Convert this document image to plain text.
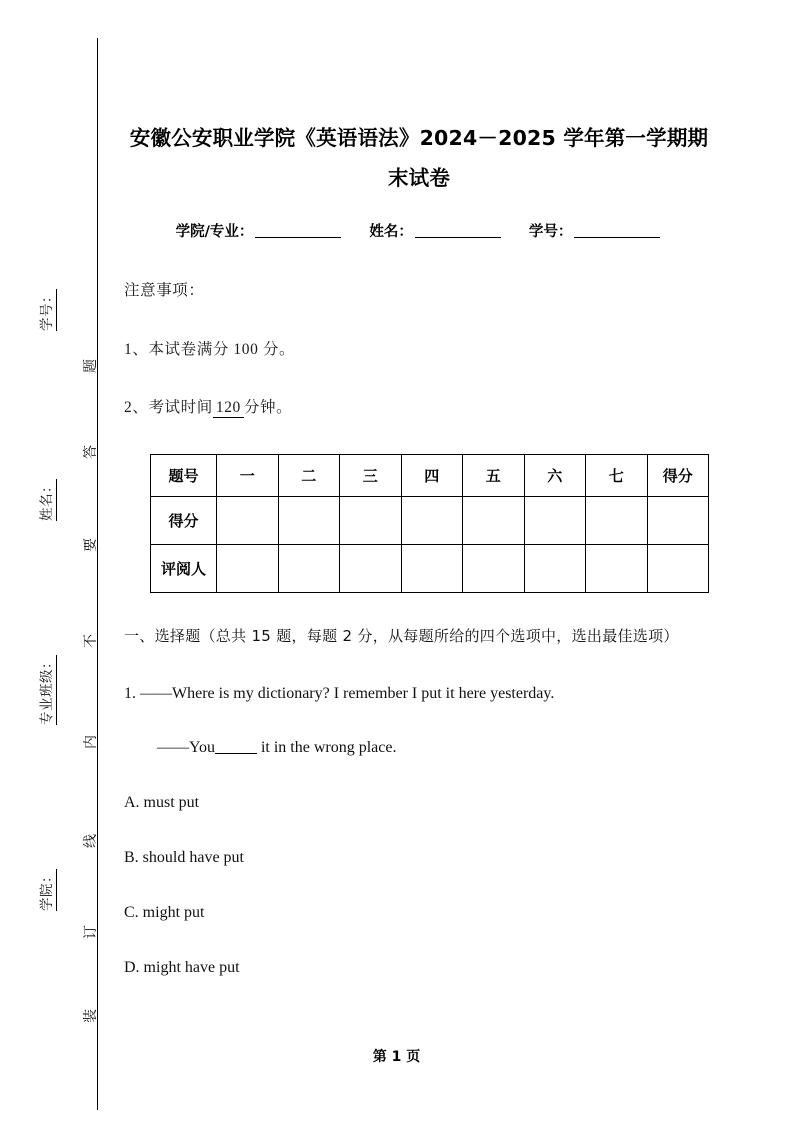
学号：
姓名：
专业班级：
学院：
题
答
要
不
内
线
订
装
安徽公安职业学院《英语语法》2024－2025 学年第一学期期末试卷
学院/专业：	姓名：	学号：
注意事项：
1、本试卷满分 100 分。
2、考试时间 120 分钟。
题号	一	二	三	四	五	六	七	得分
得分								
评阅人								
一、选择题（总共 15 题，每题 2 分，从每题所给的四个选项中，选出最佳选项）
1. ——Where is my dictionary? I remember I put it here yesterday.
——You	it in the wrong place.
A. must put
B. should have put
C. might put
D. might have put
第 1 页
